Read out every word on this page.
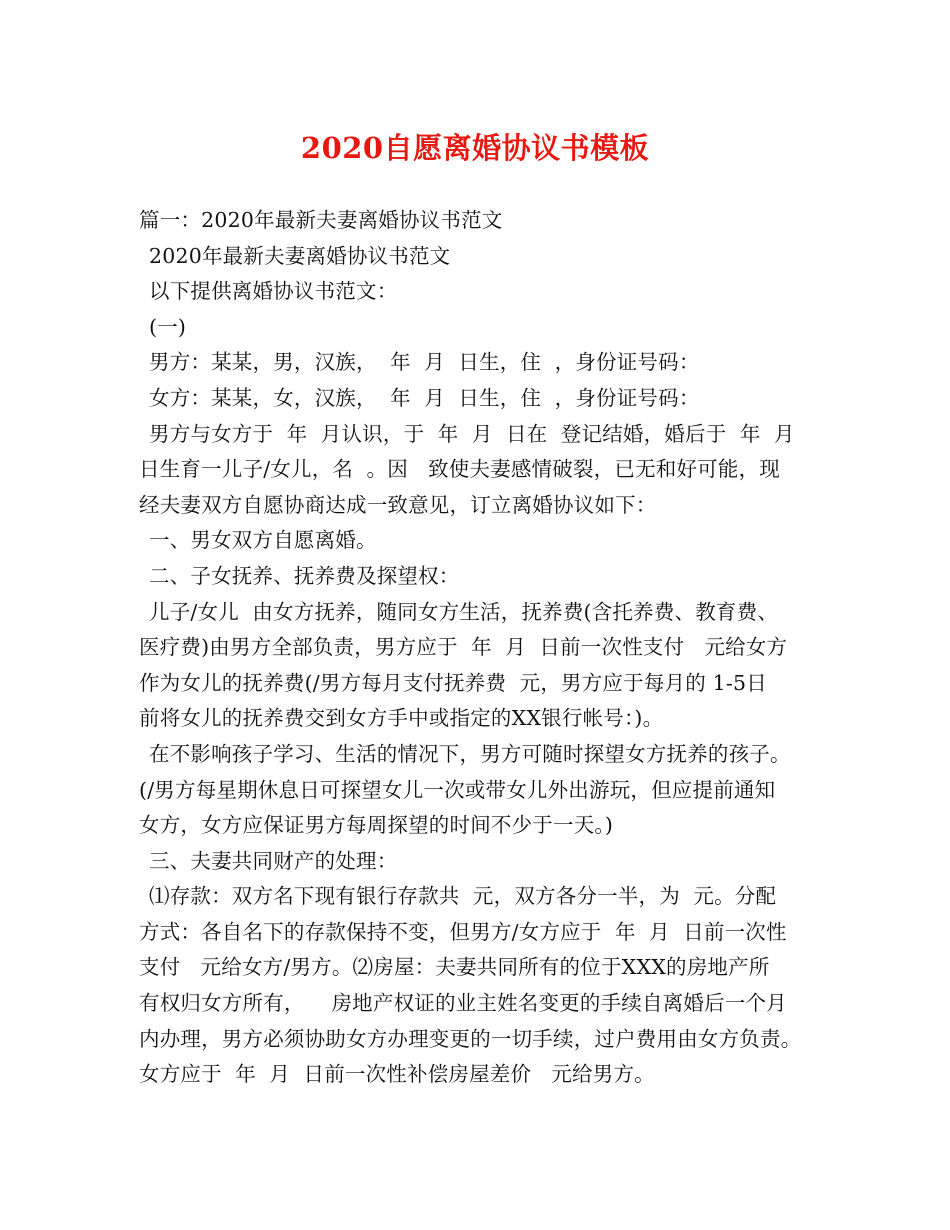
2020自愿离婚协议书模板
篇一：2020年最新夫妻离婚协议书范文
2020年最新夫妻离婚协议书范文
以下提供离婚协议书范文：
(一)
男方：某某，男，汉族，  年  月  日生，住  ，身份证号码：
女方：某某，女，汉族，  年  月  日生，住  ，身份证号码：
男方与女方于  年  月认识，于  年  月  日在  登记结婚，婚后于  年  月
日生育一儿子/女儿，名  。因   致使夫妻感情破裂，已无和好可能，现
经夫妻双方自愿协商达成一致意见，订立离婚协议如下：
一、男女双方自愿离婚。
二、子女抚养、抚养费及探望权：
儿子/女儿  由女方抚养，随同女方生活，抚养费(含托养费、教育费、
医疗费)由男方全部负责，男方应于  年  月  日前一次性支付   元给女方
作为女儿的抚养费(/男方每月支付抚养费  元，男方应于每月的 1-5日
前将女儿的抚养费交到女方手中或指定的XX银行帐号：)。
在不影响孩子学习、生活的情况下，男方可随时探望女方抚养的孩子。
(/男方每星期休息日可探望女儿一次或带女儿外出游玩，但应提前通知
女方，女方应保证男方每周探望的时间不少于一天。)
三、夫妻共同财产的处理：
⑴存款：双方名下现有银行存款共  元，双方各分一半，为  元。分配
方式：各自名下的存款保持不变，但男方/女方应于  年  月  日前一次性
支付   元给女方/男方。⑵房屋：夫妻共同所有的位于XXX的房地产所
有权归女方所有，    房地产权证的业主姓名变更的手续自离婚后一个月
内办理，男方必须协助女方办理变更的一切手续，过户费用由女方负责。
女方应于  年  月  日前一次性补偿房屋差价   元给男方。
